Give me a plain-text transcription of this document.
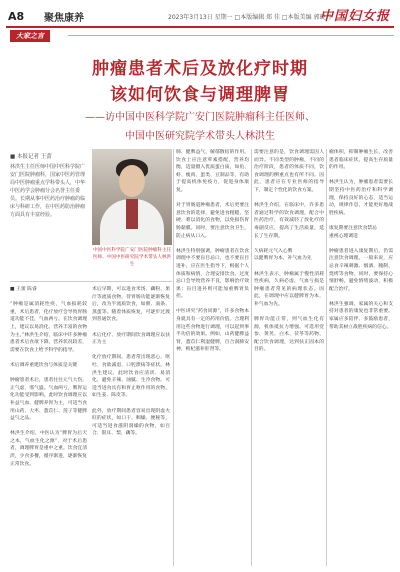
A8 聚焦康养	2023年3月13日 星期一 □本版编辑 郑 佳 □本版美编 郭晓丹
中国妇女报
大家之言
肿瘤患者术后及放化疗时期
该如何饮食与调理脾胃
——访中国中医科学院广安门医院肿瘤科主任医师、
中国中医研究院学术带头人林洪生
■ 本报记者 王蕾
林洪生主任医师中国中医科学院广安门医院肿瘤科，国家中医药管理局中医肿瘤重点学科带头人，中华中医药学会肿瘤分会名誉主任委员。长期从事中医药治疗肿瘤的临床与科研工作，在中医药防治肿瘤方面具有丰富经验。
中国中医科学院广安门医院肿瘤科主任医师、中国中医研究院学术带头人林洪生
■ 王蕾 陈睿

“肿瘤是属消耗性疾，气血损耗较重，术后患者，化疗放疗会导致胃肠道功能不佳，气血两亏。在饮食调理上，建议以易消化、营养丰富的食物为主。”林洪生介绍，临床中许多肿瘤患者术后食欲下降，营养状况较差，需要在饮食上给予科学的指导。

术后调养重建饮食与体质是关键

肿瘤患者术后，患者往往元气大伤，正气虚，邪气盛。气血两亏，脾胃运化功能受到影响。此时饮食调理应以补益气血、健脾养胃为主，可适当食用山药、大枣、薏苡仁、莲子等健脾益气之品。

林洪生介绍，中医认为“脾胃为后天之本，气血生化之源”，对于术后患者，调理脾胃是重中之重。饮食宜清淡，少食多餐，循序渐进，逐渐恢复正常饮食。
术后早期，可以进食米汤、藕粉、果汁等流质食物，待胃肠功能逐渐恢复后，改为半流质饮食，如粥、面条、蒸蛋等。随着体质恢复，可逐步过渡到普通饮食。

术后化疗、放疗期间饮食调理应以扶正为主

化疗放疗期间，患者常出现恶心、呕吐、食欲减退、口腔溃疡等症状。林洪生建议，此时饮食应清淡、易消化，避免辛辣、油腻、生冷食物。可适当进食具有和胃止呕作用的食物，如生姜、陈皮等。

此外，放疗期间患者容易出现阴虚火旺的症状，如口干、咽燥、便秘等，可适当进食滋阴润燥的食物，如百合、银耳、梨、藕等。
肺、健脾益气，解郁散结的作用。饮食上应注意荤素搭配，营养均衡，适量摄入优质蛋白质，如鱼、虾、瘦肉、蛋类、豆制品等，有助于提高机体免疫力，促进身体康复。

对于胃肠道肿瘤患者，术后更要注意饮食的选择，避免进食粗糙、坚硬、难以消化的食物，以免损伤胃肠黏膜。同时，要注意饮食卫生，防止病从口入。

林洪生特别强调，肿瘤患者在饮食调理中不要盲目忌口，也不要盲目进补。应在医生指导下，根据个人体质和病情，合理安排饮食。过度忌口会导致营养不良，影响治疗效果；盲目进补则可能加重脾胃负担。

中医讲究“药食同源”，许多食物本身就具有一定的药用价值。合理利用这些食物进行调理，可以起到事半功倍的效果。例如，山药健脾益肾，薏苡仁利湿健脾，百合润肺安神，枸杞滋补肝肾等。
需要注意的是，饮食调理需因人而异。不同类型的肿瘤，不同的治疗阶段，患者的体质不同，饮食调理的侧重点也有所不同。因此，患者应在专业医师的指导下，制定个性化的饮食方案。

林洪生介绍，在临床中，许多患者通过科学的饮食调理，配合中医药治疗，有效减轻了放化疗的毒副反应，提高了生活质量，延长了生存期。

久病耗元气入心脾
以健脾胃为本，补气血为先

林洪生表示，肿瘤属于慢性消耗性疾病，久病必虚，气血亏损是肿瘤患者常见的病理状态。因此，在调理中应以健脾胃为本，补气血为先。

脾胃功能正常，则气血生化有源，机体抵抗力增强。可选用党参、黄芪、白术、茯苓等药物，配合饮食调理，达到扶正固本的目的。
瘤体积，抑制肿瘤生长，改善患者临床症状，提高生存质量的作用。

林洪生认为，肿瘤患者需要长期坚持中医药治疗和科学调理，保持良好的心态，适当运动，规律作息，才能更好地战胜疾病。

康复期要注意饮食禁忌
重视心理调适

肿瘤患者进入康复期后，仍需注意饮食调理。一般来说，应忌食辛辣刺激、烟酒、腌制、烧烤等食物。同时，要保持心情舒畅，避免情绪波动，积极配合治疗。

林洪生强调，家属的关心和支持对患者的康复也非常重要。家属应多陪伴、多鼓励患者，帮助其树立战胜疾病的信心。
